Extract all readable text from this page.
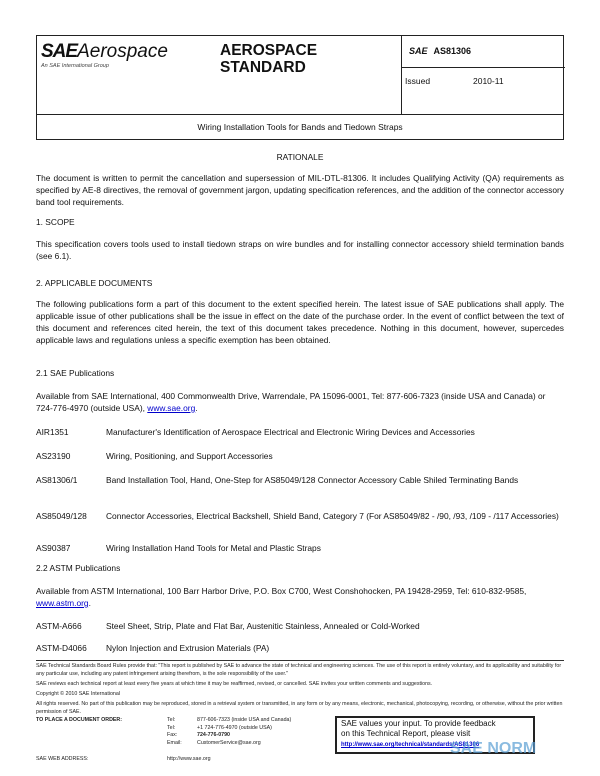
SAEAerospace
An SAE International Group
AEROSPACE
STANDARD
SAE AS81306
Issued	2010-11
Wiring Installation Tools for Bands and Tiedown Straps
RATIONALE
The document is written to permit the cancellation and supersession of MIL-DTL-81306. It includes Qualifying Activity (QA) requirements as specified by AE-8 directives, the removal of government jargon, updating specification references, and the addition of the connector accessory band tool requirements.
1. SCOPE
This specification covers tools used to install tiedown straps on wire bundles and for installing connector accessory shield termination bands (see 6.1).
2. APPLICABLE DOCUMENTS
The following publications form a part of this document to the extent specified herein. The latest issue of SAE publications shall apply. The applicable issue of other publications shall be the issue in effect on the date of the purchase order. In the event of conflict between the text of this document and references cited herein, the text of this document takes precedence. Nothing in this document, however, supercedes applicable laws and regulations unless a specific exemption has been obtained.
2.1 SAE Publications
Available from SAE International, 400 Commonwealth Drive, Warrendale, PA 15096-0001, Tel: 877-606-7323 (inside USA and Canada) or 724-776-4970 (outside USA), www.sae.org.
AIR1351	Manufacturer's Identification of Aerospace Electrical and Electronic Wiring Devices and Accessories
AS23190	Wiring, Positioning, and Support Accessories
AS81306/1	Band Installation Tool, Hand, One-Step for AS85049/128 Connector Accessory Cable Shiled Terminating Bands
AS85049/128 Connector Accessories, Electrical Backshell, Shield Band, Category 7 (For AS85049/82 - /90, /93, /109 - /117 Accessories)
AS90387	Wiring Installation Hand Tools for Metal and Plastic Straps
2.2 ASTM Publications
Available from ASTM International, 100 Barr Harbor Drive, P.O. Box C700, West Conshohocken, PA 19428-2959, Tel: 610-832-9585, www.astm.org.
ASTM-A666	Steel Sheet, Strip, Plate and Flat Bar, Austenitic Stainless, Annealed or Cold-Worked
ASTM-D4066 Nylon Injection and Extrusion Materials (PA)
SAE Technical Standards Board Rules provide that: "This report is published by SAE to advance the state of technical and engineering sciences. The use of this report is entirely voluntary, and its applicability and suitability for any particular use, including any patent infringement arising therefrom, is the sole responsibility of the user."
SAE reviews each technical report at least every five years at which time it may be reaffirmed, revised, or cancelled. SAE invites your written comments and suggestions.
Copyright © 2010 SAE International
All rights reserved. No part of this publication may be reproduced, stored in a retrieval system or transmitted, in any form or by any means, electronic, mechanical, photocopying, recording, or otherwise, without the prior written permission of SAE.
TO PLACE A DOCUMENT ORDER:	Tel:	877-606-7323 (inside USA and Canada)
Tel:	+1 724-776-4970 (outside USA)
Fax:	724-776-0790
Email:	CustomerService@sae.org
SAE WEB ADDRESS:	http://www.sae.org
SAE values your input. To provide feedback
on this Technical Report, please visit
http://www.sae.org/technical/standards/AS81306
SAE NORM
